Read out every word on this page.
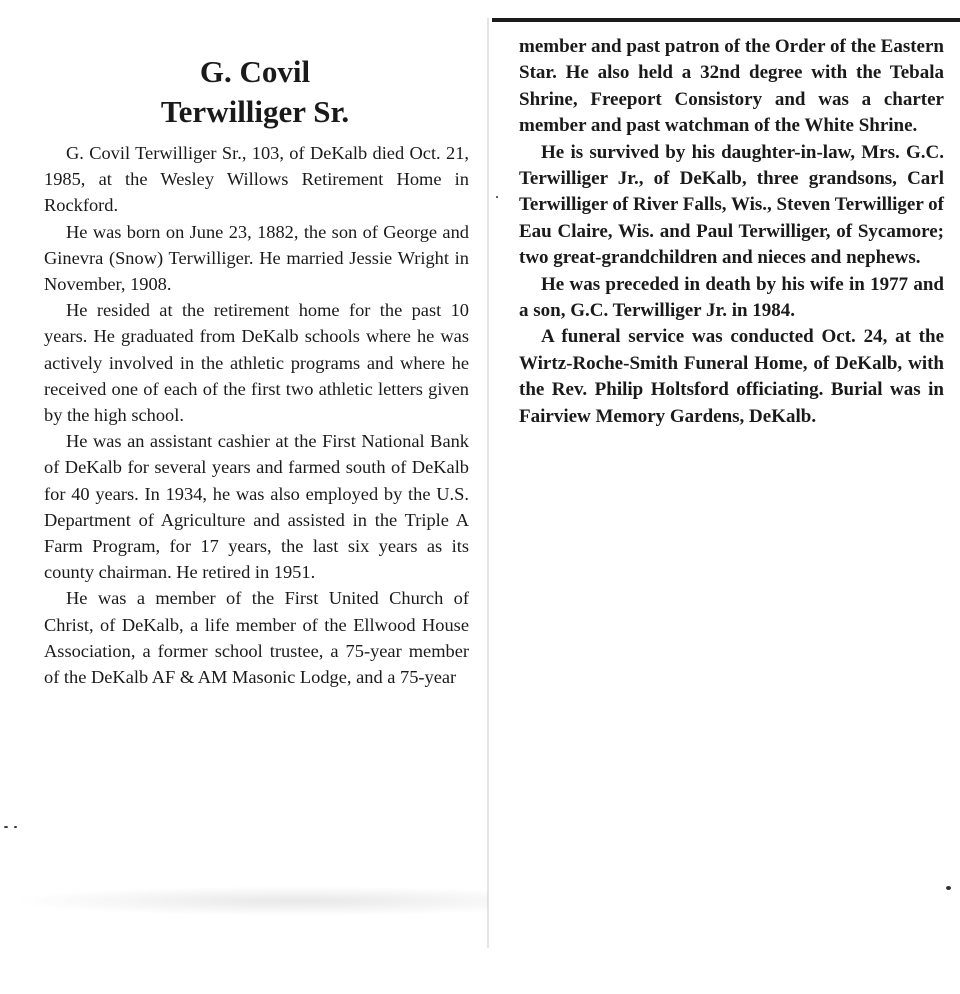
G. Covil
Terwilliger Sr.

G. Covil Terwilliger Sr., 103, of DeKalb died Oct. 21, 1985, at the Wesley Willows Retirement Home in Rockford.

He was born on June 23, 1882, the son of George and Ginevra (Snow) Terwilliger. He married Jessie Wright in November, 1908.

He resided at the retirement home for the past 10 years. He graduated from DeKalb schools where he was actively involved in the athletic programs and where he received one of each of the first two athletic letters given by the high school.

He was an assistant cashier at the First National Bank of DeKalb for several years and farmed south of DeKalb for 40 years. In 1934, he was also employed by the U.S. Department of Agriculture and assisted in the Triple A Farm Program, for 17 years, the last six years as its county chairman. He retired in 1951.

He was a member of the First United Church of Christ, of DeKalb, a life member of the Ellwood House Association, a former school trustee, a 75-year member of the DeKalb AF & AM Masonic Lodge, and a 75-year

member and past patron of the Order of the Eastern Star. He also held a 32nd degree with the Tebala Shrine, Freeport Consistory and was a charter member and past watchman of the White Shrine.

He is survived by his daughter-in-law, Mrs. G.C. Terwilliger Jr., of DeKalb, three grandsons, Carl Terwilliger of River Falls, Wis., Steven Terwilliger of Eau Claire, Wis. and Paul Terwilliger, of Sycamore; two great-grandchildren and nieces and nephews.

He was preceded in death by his wife in 1977 and a son, G.C. Terwilliger Jr. in 1984.

A funeral service was conducted Oct. 24, at the Wirtz-Roche-Smith Funeral Home, of DeKalb, with the Rev. Philip Holtsford officiating. Burial was in Fairview Memory Gardens, DeKalb.
